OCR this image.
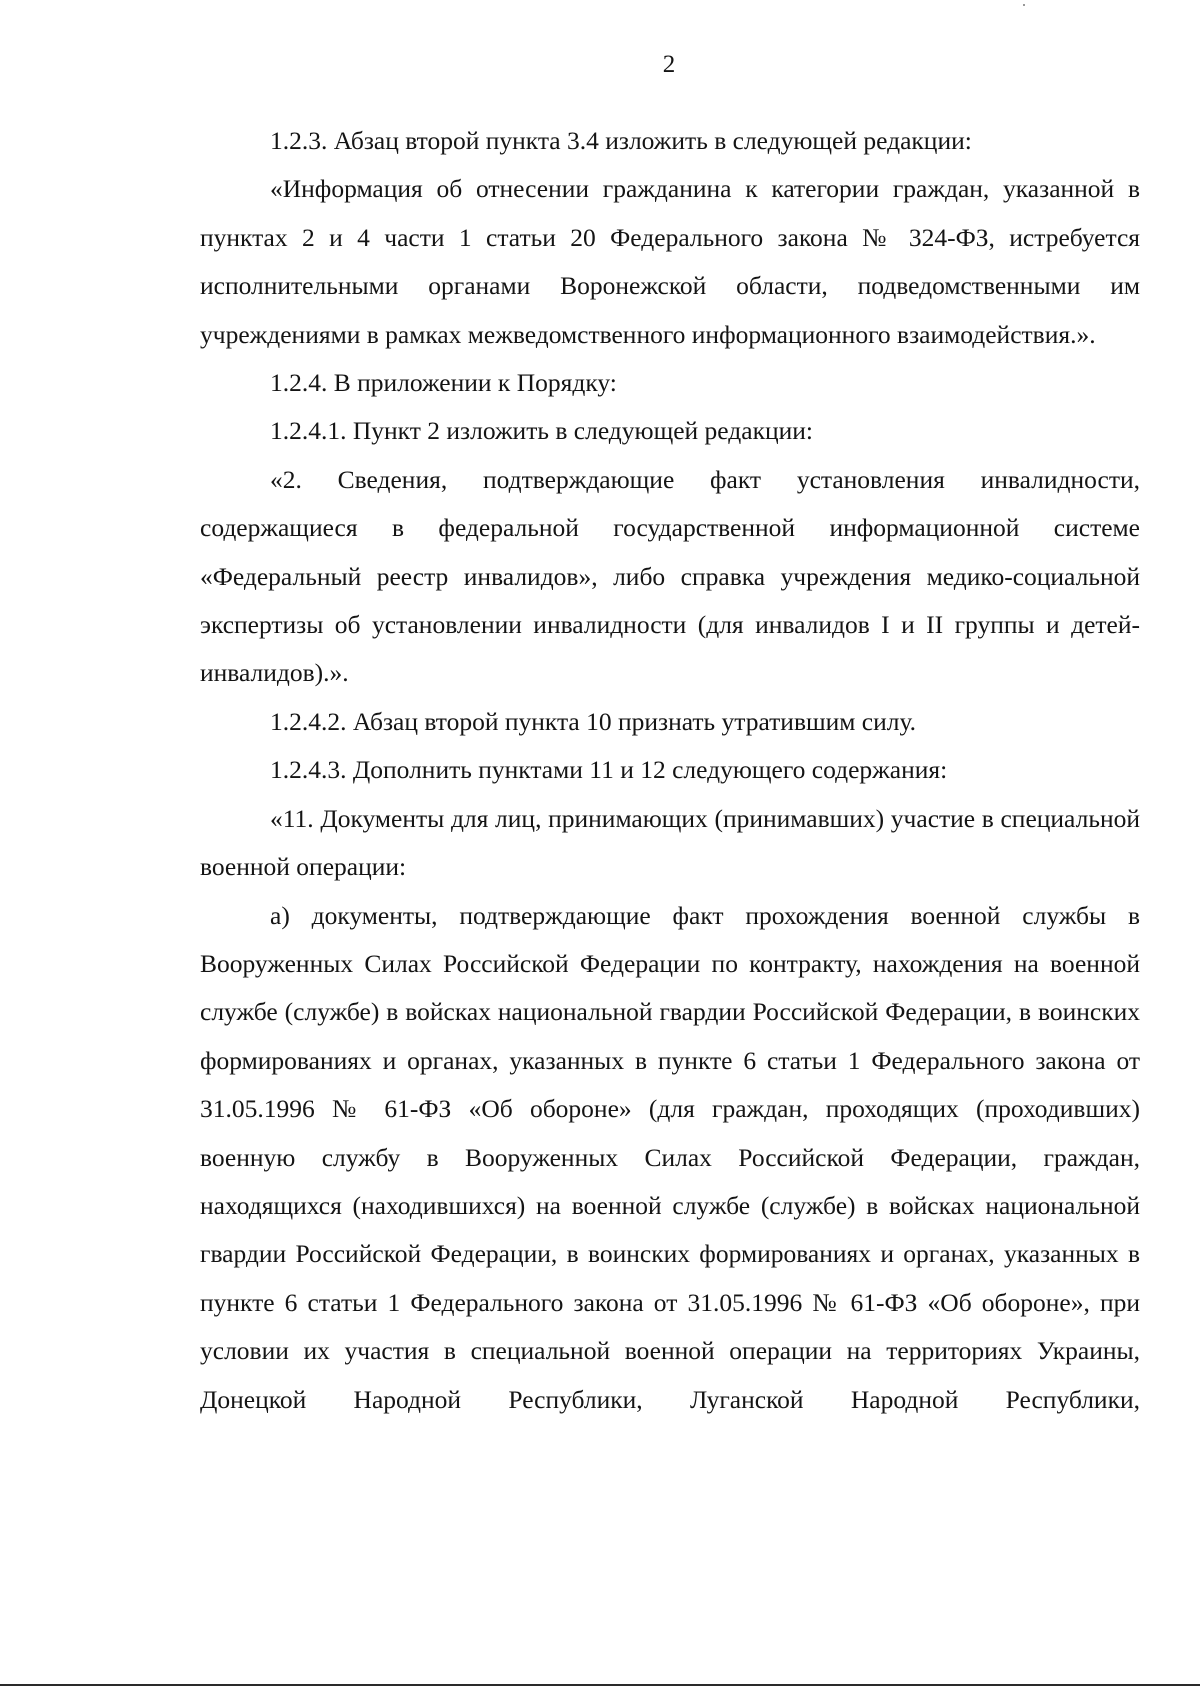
2

1.2.3. Абзац второй пункта 3.4 изложить в следующей редакции:

«Информация об отнесении гражданина к категории граждан, указанной в пунктах 2 и 4 части 1 статьи 20 Федерального закона № 324-ФЗ, истребуется исполнительными органами Воронежской области, подведомственными им учреждениями в рамках межведомственного информационного взаимодействия.».

1.2.4. В приложении к Порядку:

1.2.4.1. Пункт 2 изложить в следующей редакции:

«2. Сведения, подтверждающие факт установления инвалидности, содержащиеся в федеральной государственной информационной системе «Федеральный реестр инвалидов», либо справка учреждения медико-социальной экспертизы об установлении инвалидности (для инвалидов I и II группы и детей-инвалидов).».

1.2.4.2. Абзац второй пункта 10 признать утратившим силу.

1.2.4.3. Дополнить пунктами 11 и 12 следующего содержания:

«11. Документы для лиц, принимающих (принимавших) участие в специальной военной операции:

а) документы, подтверждающие факт прохождения военной службы в Вооруженных Силах Российской Федерации по контракту, нахождения на военной службе (службе) в войсках национальной гвардии Российской Федерации, в воинских формированиях и органах, указанных в пункте 6 статьи 1 Федерального закона от 31.05.1996 № 61-ФЗ «Об обороне» (для граждан, проходящих (проходивших) военную службу в Вооруженных Силах Российской Федерации, граждан, находящихся (находившихся) на военной службе (службе) в войсках национальной гвардии Российской Федерации, в воинских формированиях и органах, указанных в пункте 6 статьи 1 Федерального закона от 31.05.1996 № 61-ФЗ «Об обороне», при условии их участия в специальной военной операции на территориях Украины, Донецкой Народной Республики, Луганской Народной Республики,
